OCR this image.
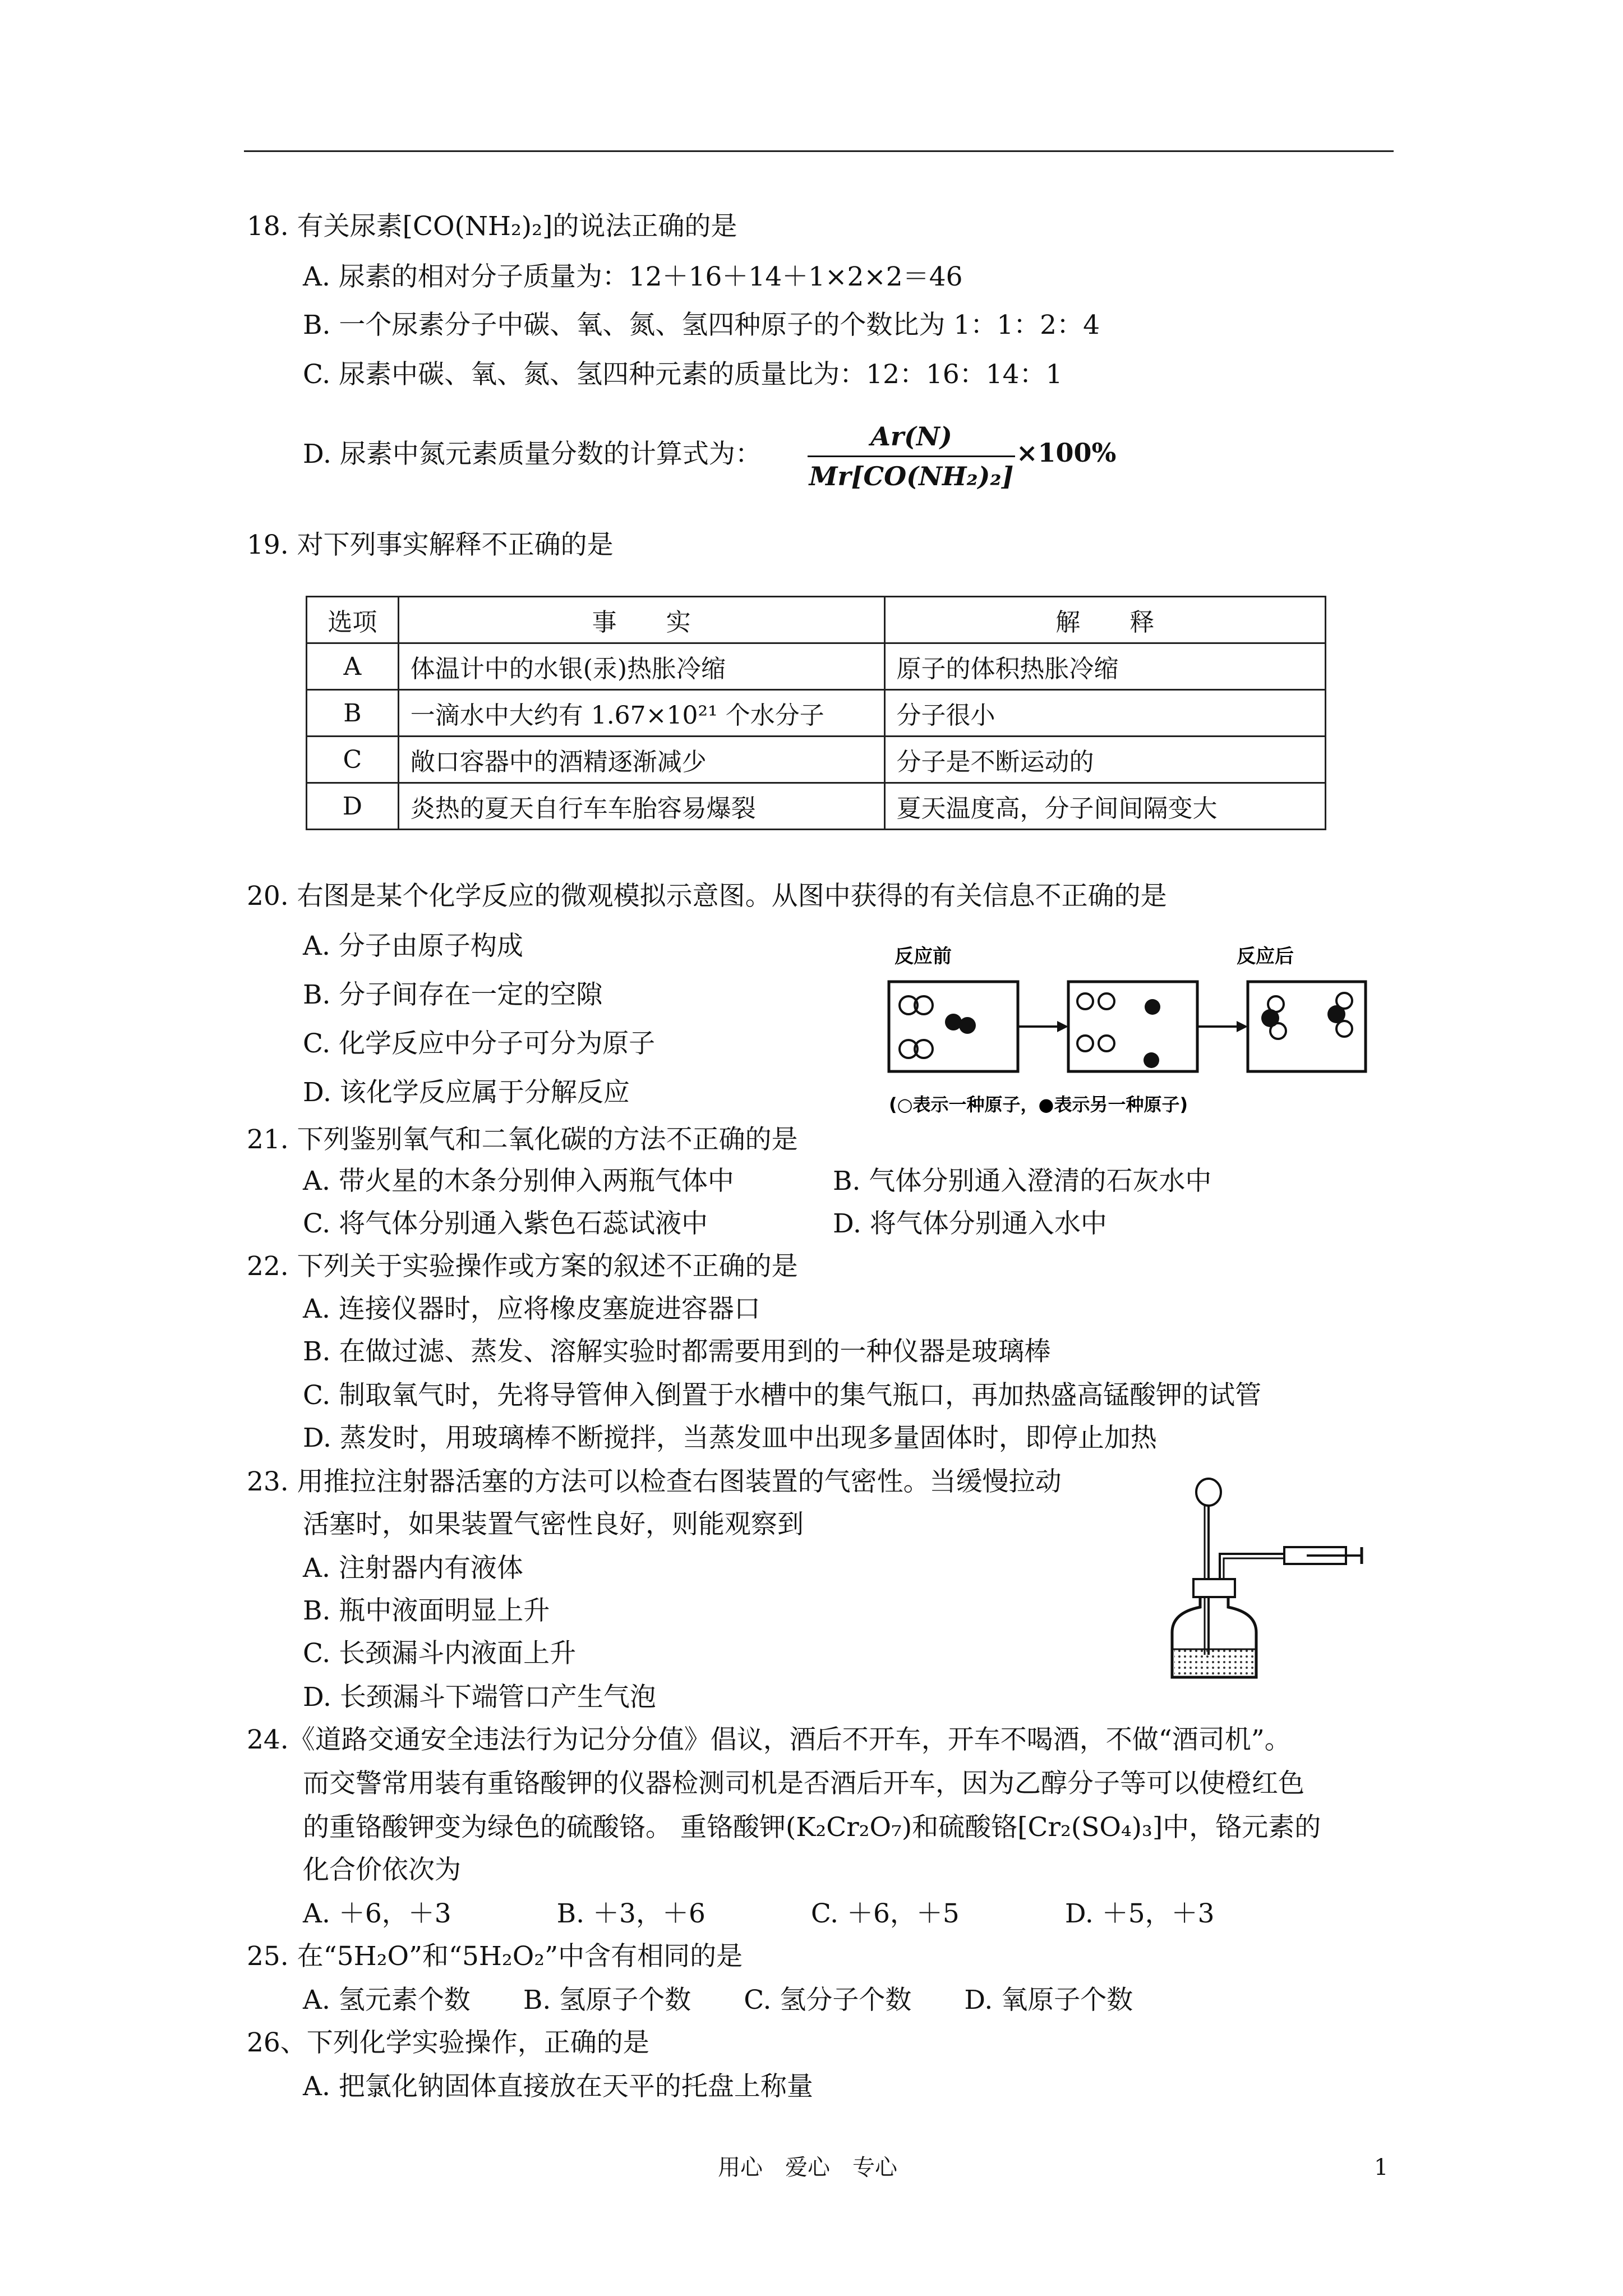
18. 有关尿素[CO(NH₂)₂]的说法正确的是
A. 尿素的相对分子质量为：12＋16＋14＋1×2×2＝46
B. 一个尿素分子中碳、氧、氮、氢四种原子的个数比为 1：1：2：4
C. 尿素中碳、氧、氮、氢四种元素的质量比为：12：16：14：1
D. 尿素中氮元素质量分数的计算式为：
Ar(N)
Mr[CO(NH₂)₂]
×100%
19. 对下列事实解释不正确的是
选项	事　　实	解　　释
A	体温计中的水银(汞)热胀冷缩	原子的体积热胀冷缩
B	一滴水中大约有 1.67×10²¹ 个水分子	分子很小
C	敞口容器中的酒精逐渐减少	分子是不断运动的
D	炎热的夏天自行车车胎容易爆裂	夏天温度高，分子间间隔变大
20. 右图是某个化学反应的微观模拟示意图。从图中获得的有关信息不正确的是
A. 分子由原子构成
B. 分子间存在一定的空隙
C. 化学反应中分子可分为原子
D. 该化学反应属于分解反应
反应前	反应后
(○表示一种原子，●表示另一种原子)
21. 下列鉴别氧气和二氧化碳的方法不正确的是
A. 带火星的木条分别伸入两瓶气体中	B. 气体分别通入澄清的石灰水中
C. 将气体分别通入紫色石蕊试液中	D. 将气体分别通入水中
22. 下列关于实验操作或方案的叙述不正确的是
A. 连接仪器时，应将橡皮塞旋进容器口
B. 在做过滤、蒸发、溶解实验时都需要用到的一种仪器是玻璃棒
C. 制取氧气时，先将导管伸入倒置于水槽中的集气瓶口，再加热盛高锰酸钾的试管
D. 蒸发时，用玻璃棒不断搅拌，当蒸发皿中出现多量固体时，即停止加热
23. 用推拉注射器活塞的方法可以检查右图装置的气密性。当缓慢拉动
活塞时，如果装置气密性良好，则能观察到
A. 注射器内有液体
B. 瓶中液面明显上升
C. 长颈漏斗内液面上升
D. 长颈漏斗下端管口产生气泡
24.《道路交通安全违法行为记分分值》倡议，酒后不开车，开车不喝酒，不做“酒司机”。
而交警常用装有重铬酸钾的仪器检测司机是否酒后开车，因为乙醇分子等可以使橙红色
的重铬酸钾变为绿色的硫酸铬。 重铬酸钾(K₂Cr₂O₇)和硫酸铬[Cr₂(SO₄)₃]中，铬元素的
化合价依次为
A. ＋6，＋3　　　　B. ＋3，＋6　　　　C. ＋6，＋5　　　　D. ＋5，＋3
25. 在“5H₂O”和“5H₂O₂”中含有相同的是
A. 氢元素个数　　B. 氢原子个数　　C. 氢分子个数　　D. 氧原子个数
26、下列化学实验操作，正确的是
A. 把氯化钠固体直接放在天平的托盘上称量
用心　爱心　专心	1
